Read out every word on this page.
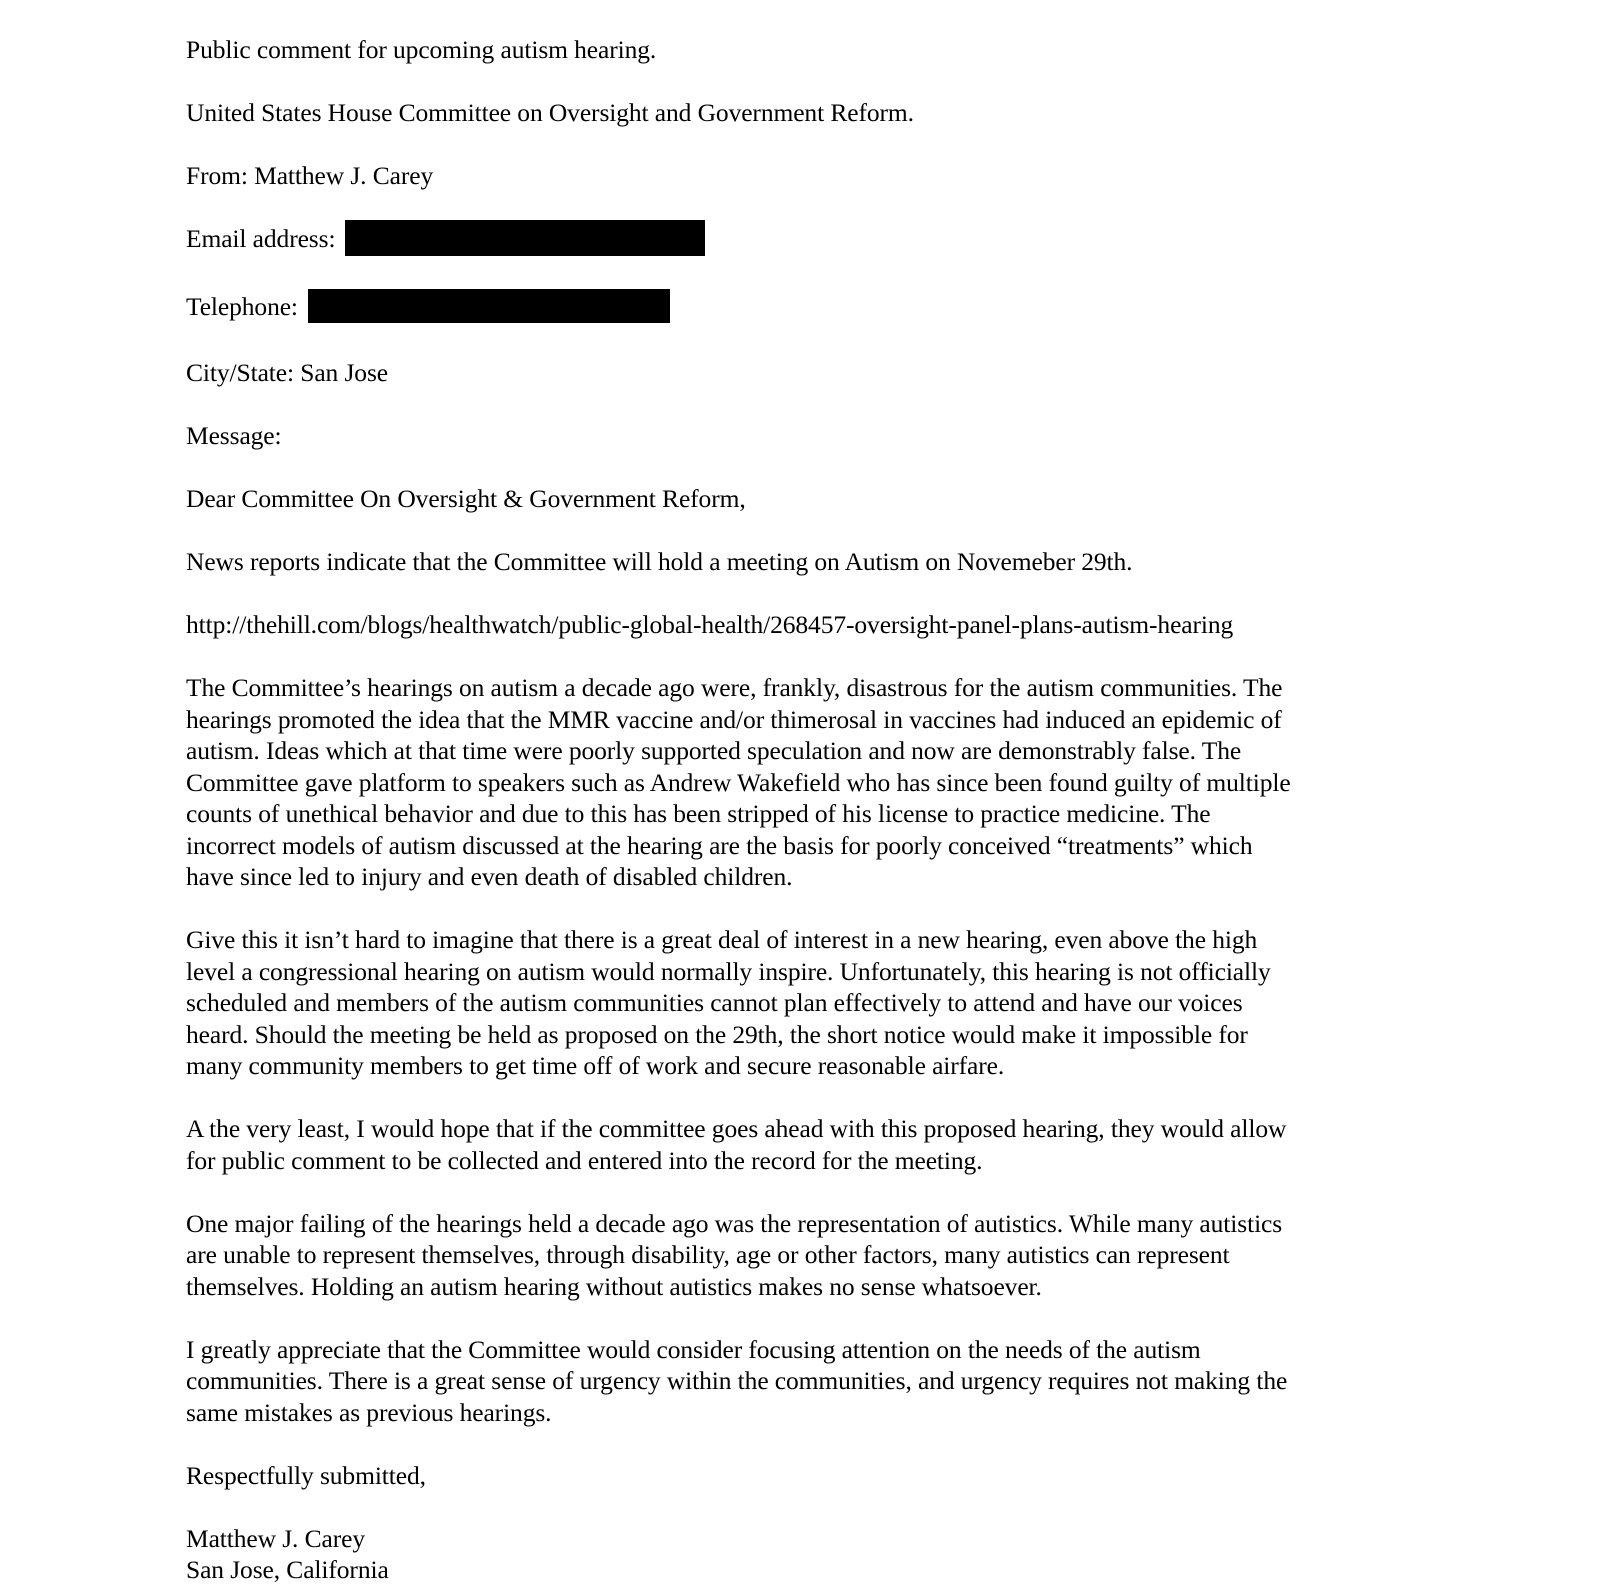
Public comment for upcoming autism hearing.

United States House Committee on Oversight and Government Reform.

From: Matthew J. Carey

Email address:

Telephone:

City/State: San Jose

Message:

Dear Committee On Oversight & Government Reform,

News reports indicate that the Committee will hold a meeting on Autism on Novemeber 29th.

http://thehill.com/blogs/healthwatch/public-global-health/268457-oversight-panel-plans-autism-hearing

The Committee’s hearings on autism a decade ago were, frankly, disastrous for the autism communities. The
hearings promoted the idea that the MMR vaccine and/or thimerosal in vaccines had induced an epidemic of
autism. Ideas which at that time were poorly supported speculation and now are demonstrably false. The
Committee gave platform to speakers such as Andrew Wakefield who has since been found guilty of multiple
counts of unethical behavior and due to this has been stripped of his license to practice medicine. The
incorrect models of autism discussed at the hearing are the basis for poorly conceived “treatments” which
have since led to injury and even death of disabled children.

Give this it isn’t hard to imagine that there is a great deal of interest in a new hearing, even above the high
level a congressional hearing on autism would normally inspire. Unfortunately, this hearing is not officially
scheduled and members of the autism communities cannot plan effectively to attend and have our voices
heard. Should the meeting be held as proposed on the 29th, the short notice would make it impossible for
many community members to get time off of work and secure reasonable airfare.

A the very least, I would hope that if the committee goes ahead with this proposed hearing, they would allow
for public comment to be collected and entered into the record for the meeting.

One major failing of the hearings held a decade ago was the representation of autistics. While many autistics
are unable to represent themselves, through disability, age or other factors, many autistics can represent
themselves. Holding an autism hearing without autistics makes no sense whatsoever.

I greatly appreciate that the Committee would consider focusing attention on the needs of the autism
communities. There is a great sense of urgency within the communities, and urgency requires not making the
same mistakes as previous hearings.

Respectfully submitted,

Matthew J. Carey

San Jose, California
